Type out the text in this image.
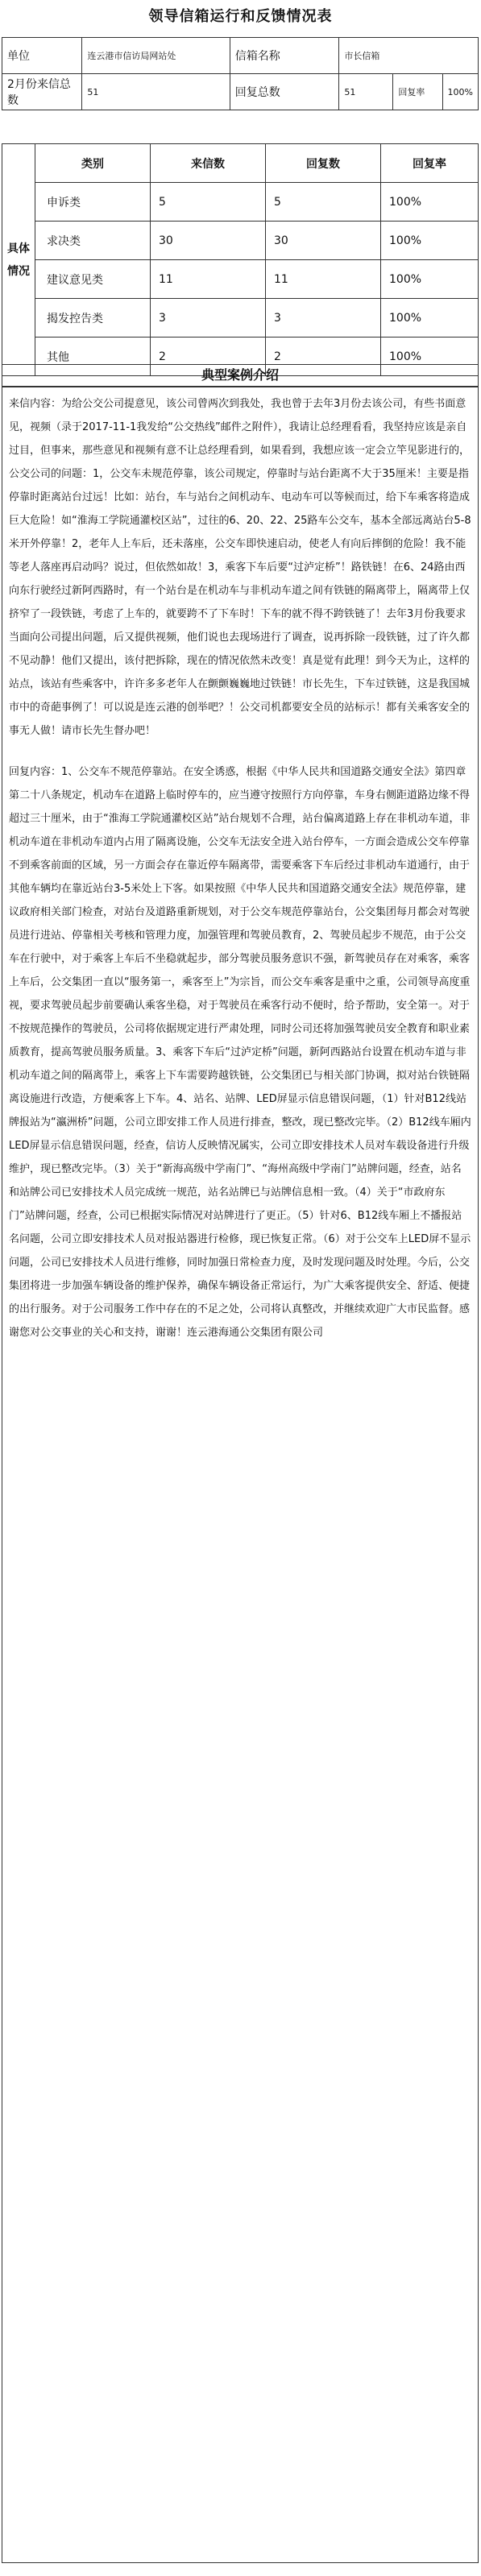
领导信箱运行和反馈情况表
单位	连云港市信访局网站处	信箱名称	市长信箱		
2月份来信总数	51	回复总数	51	回复率	100%
具体情况	类别	来信数	回复数	回复率
	申诉类	5	5	100%
	求决类	30	30	100%
	建议意见类	11	11	100%
	揭发控告类	3	3	100%
	其他	2	2	100%
典型案例介绍
来信内容：为给公交公司提意见，该公司曾两次到我处，我也曾于去年3月份去该公司，有些书面意见，视频（录于2017-11-1我发给“公交热线”邮件之附件），我请让总经理看看，我坚持应该是亲自过目，但事来，那些意见和视频有意不让总经理看到，如果看到，我想应该一定会立竿见影进行的，公交公司的问题：1，公交车未规范停靠，该公司规定，停靠时与站台距离不大于35厘米！主要是指停靠时距离站台过远！比如：站台，车与站台之间机动车、电动车可以等候而过，给下车乘客将造成巨大危险！如“淮海工学院通灌校区站”，过往的6、20、22、25路车公交车，基本全部远离站台5-8米开外停靠！2，老年人上车后，还未落座，公交车即快速启动，使老人有向后摔倒的危险！我不能等老人落座再启动吗？说过，但依然如故！3，乘客下车后要“过泸定桥”！路铁链！在6、24路由西向东行驶经过新阿西路时，有一个站台是在机动车与非机动车道之间有铁链的隔离带上，隔离带上仅挤窄了一段铁链，考虑了上车的，就要跨不了下车时！下车的就不得不跨铁链了！去年3月份我要求当面向公司提出问题，后又提供视频，他们说也去现场进行了调查，说再拆除一段铁链，过了许久都不见动静！他们又提出，该付把拆除，现在的情况依然未改变！真是觉有此理！到今天为止，这样的站点，该站有些乘客中，许许多多老年人在颤颤巍巍地过铁链！市长先生，下车过铁链，这是我国城市中的奇葩事例了！可以说是连云港的创举吧？！公交司机都要安全员的站标示！都有关乘客安全的事无人做！请市长先生督办吧！
回复内容：1、公交车不规范停靠站。在安全诱惑，根据《中华人民共和国道路交通安全法》第四章第二十八条规定，机动车在道路上临时停车的，应当遵守按照行方向停靠，车身右侧距道路边缘不得超过三十厘米，由于“淮海工学院通灌校区站”站台规划不合理，站台偏离道路上存在非机动车道，非机动车道在非机动车道内占用了隔离设施，公交车无法安全进入站台停车，一方面会造成公交车停靠不到乘客前面的区域，另一方面会存在靠近停车隔离带，需要乘客下车后经过非机动车道通行，由于其他车辆均在靠近站台3-5米处上下客。如果按照《中华人民共和国道路交通安全法》规范停靠，建议政府相关部门检查，对站台及道路重新规划，对于公交车规范停靠站台，公交集团每月都会对驾驶员进行进站、停靠相关考核和管理力度，加强管理和驾驶员教育，2、驾驶员起步不规范，由于公交车在行驶中，对于乘客上车后不坐稳就起步，部分驾驶员服务意识不强，新驾驶员存在对乘客，乘客上车后，公交集团一直以“服务第一，乘客至上”为宗旨，而公交车乘客是重中之重，公司领导高度重视，要求驾驶员起步前要确认乘客坐稳，对于驾驶员在乘客行动不便时，给予帮助，安全第一。对于不按规范操作的驾驶员，公司将依据规定进行严肃处理，同时公司还将加强驾驶员安全教育和职业素质教育，提高驾驶员服务质量。3、乘客下车后“过泸定桥”问题，新阿西路站台设置在机动车道与非机动车道之间的隔离带上，乘客上下车需要跨越铁链，公交集团已与相关部门协调，拟对站台铁链隔离设施进行改造，方便乘客上下车。4、站名、站牌、LED屏显示信息错误问题，（1）针对B12线站牌报站为“瀛洲桥”问题，公司立即安排工作人员进行排查，整改，现已整改完毕。（2）B12线车厢内LED屏显示信息错误问题，经查，信访人反映情况属实，公司立即安排技术人员对车载设备进行升级维护，现已整改完毕。（3）关于“新海高级中学南门”、“海州高级中学南门”站牌问题，经查，站名和站牌公司已安排技术人员完成统一规范，站名站牌已与站牌信息相一致。（4）关于“市政府东门”站牌问题，经查，公司已根据实际情况对站牌进行了更正。（5）针对6、B12线车厢上不播报站名问题，公司立即安排技术人员对报站器进行检修，现已恢复正常。（6）对于公交车上LED屏不显示问题，公司已安排技术人员进行维修，同时加强日常检查力度，及时发现问题及时处理。今后，公交集团将进一步加强车辆设备的维护保养，确保车辆设备正常运行，为广大乘客提供安全、舒适、便捷的出行服务。对于公司服务工作中存在的不足之处，公司将认真整改，并继续欢迎广大市民监督。感谢您对公交事业的关心和支持，谢谢！连云港海通公交集团有限公司
